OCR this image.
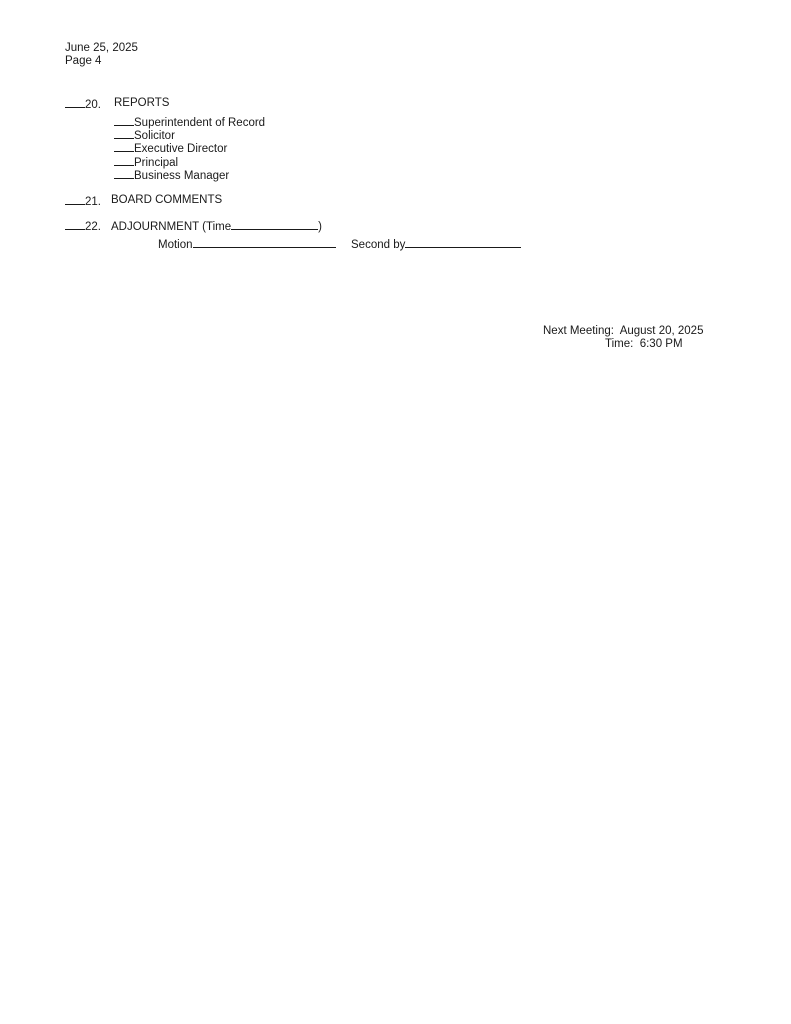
June 25, 2025
Page 4
20. REPORTS
Superintendent of Record
Solicitor
Executive Director
Principal
Business Manager
21. BOARD COMMENTS
22. ADJOURNMENT (Time	)
Motion	Second by
Next Meeting:  August 20, 2025
Time:  6:30 PM
